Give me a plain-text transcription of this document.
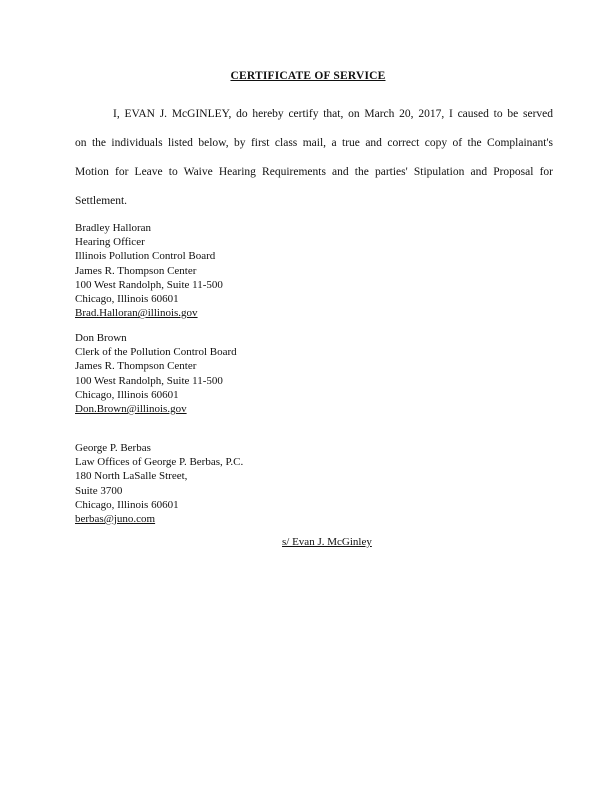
CERTIFICATE OF SERVICE
I, EVAN J. McGINLEY, do hereby certify that, on March 20, 2017, I caused to be served
on the individuals listed below, by first class mail, a true and correct copy of the Complainant's
Motion for Leave to Waive Hearing Requirements and the parties' Stipulation and Proposal for
Settlement.
Bradley Halloran
Hearing Officer
Illinois Pollution Control Board
James R. Thompson Center
100 West Randolph, Suite 11-500
Chicago, Illinois 60601
Brad.Halloran@illinois.gov
Don Brown
Clerk of the Pollution Control Board
James R. Thompson Center
100 West Randolph, Suite 11-500
Chicago, Illinois 60601
Don.Brown@illinois.gov
George P. Berbas
Law Offices of George P. Berbas, P.C.
180 North LaSalle Street,
Suite 3700
Chicago, Illinois 60601
berbas@juno.com
s/ Evan J. McGinley
